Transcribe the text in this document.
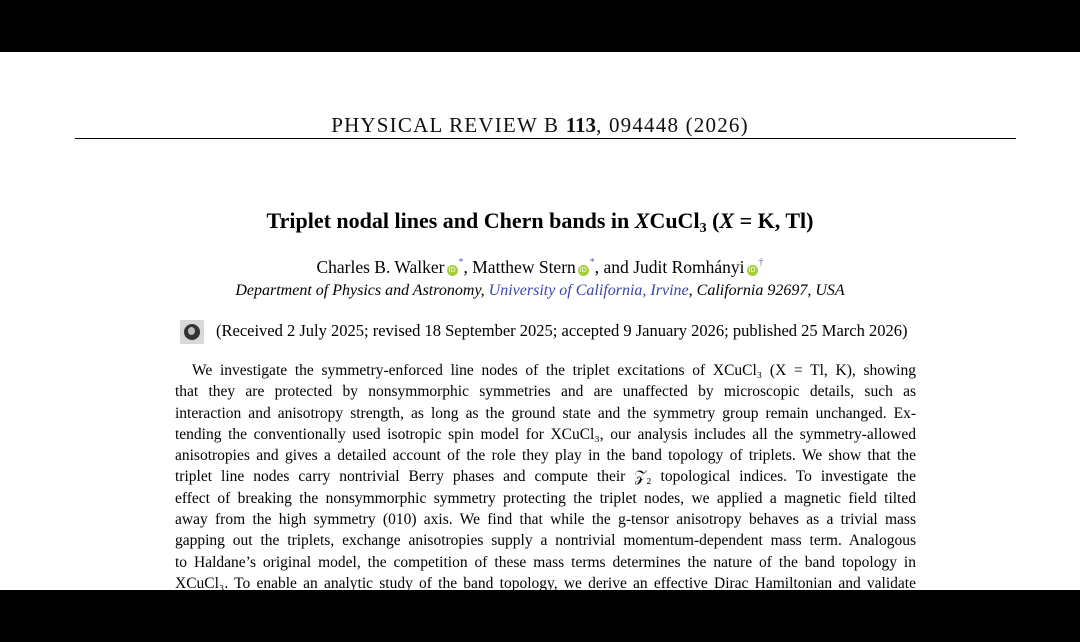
PHYSICAL REVIEW B 113, 094448 (2026)
Triplet nodal lines and Chern bands in XCuCl$_3$ (X = K, Tl)
Charles B. Walker iD*, Matthew Stern iD*, and Judit Romhányi iD†
Department of Physics and Astronomy, University of California, Irvine, California 92697, USA
(Received 2 July 2025; revised 18 September 2025; accepted 9 January 2026; published 25 March 2026)
We investigate the symmetry-enforced line nodes of the triplet excitations of XCuCl₃ (X = Tl, K), showing
that they are protected by nonsymmorphic symmetries and are unaffected by microscopic details, such as
interaction and anisotropy strength, as long as the ground state and the symmetry group remain unchanged. Ex-
tending the conventionally used isotropic spin model for XCuCl₃, our analysis includes all the symmetry-allowed
anisotropies and gives a detailed account of the role they play in the band topology of triplets. We show that the
triplet line nodes carry nontrivial Berry phases and compute their 𝒵₂ topological indices. To investigate the
effect of breaking the nonsymmorphic symmetry protecting the triplet nodes, we applied a magnetic field tilted
away from the high symmetry (010) axis. We find that while the g-tensor anisotropy behaves as a trivial mass
gapping out the triplets, exchange anisotropies supply a nontrivial momentum-dependent mass term. Analogous
to Haldane’s original model, the competition of these mass terms determines the nature of the band topology in
XCuCl₃. To enable an analytic study of the band topology, we derive an effective Dirac Hamiltonian and validate
